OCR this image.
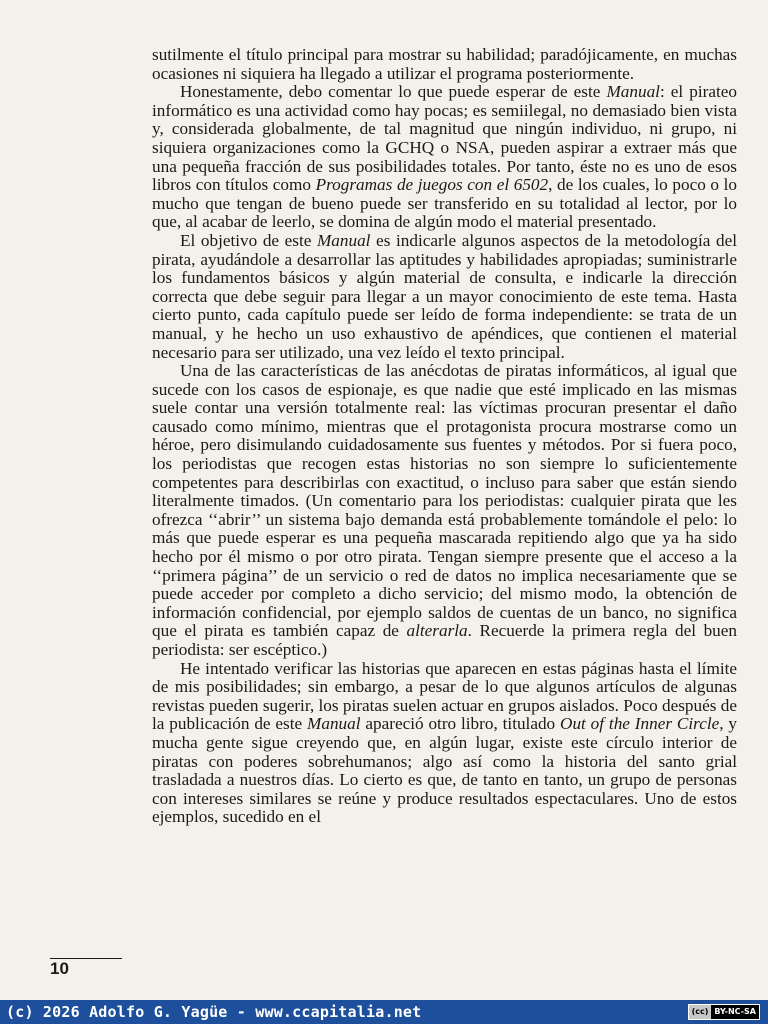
sutilmente el título principal para mostrar su habilidad; paradójicamente, en muchas ocasiones ni siquiera ha llegado a utilizar el programa posteriormente.

Honestamente, debo comentar lo que puede esperar de este Manual: el pirateo informático es una actividad como hay pocas; es semiilegal, no demasiado bien vista y, considerada globalmente, de tal magnitud que ningún individuo, ni grupo, ni siquiera organizaciones como la GCHQ o NSA, pueden aspirar a extraer más que una pequeña fracción de sus posibilidades totales. Por tanto, éste no es uno de esos libros con títulos como Programas de juegos con el 6502, de los cuales, lo poco o lo mucho que tengan de bueno puede ser transferido en su totalidad al lector, por lo que, al acabar de leerlo, se domina de algún modo el material presentado.

El objetivo de este Manual es indicarle algunos aspectos de la metodología del pirata, ayudándole a desarrollar las aptitudes y habilidades apropiadas; suministrarle los fundamentos básicos y algún material de consulta, e indicarle la dirección correcta que debe seguir para llegar a un mayor conocimiento de este tema. Hasta cierto punto, cada capítulo puede ser leído de forma independiente: se trata de un manual, y he hecho un uso exhaustivo de apéndices, que contienen el material necesario para ser utilizado, una vez leído el texto principal.

Una de las características de las anécdotas de piratas informáticos, al igual que sucede con los casos de espionaje, es que nadie que esté implicado en las mismas suele contar una versión totalmente real: las víctimas procuran presentar el daño causado como mínimo, mientras que el protagonista procura mostrarse como un héroe, pero disimulando cuidadosamente sus fuentes y métodos. Por si fuera poco, los periodistas que recogen estas historias no son siempre lo suficientemente competentes para describirlas con exactitud, o incluso para saber que están siendo literalmente timados. (Un comentario para los periodistas: cualquier pirata que les ofrezca ‘‘abrir’’ un sistema bajo demanda está probablemente tomándole el pelo: lo más que puede esperar es una pequeña mascarada repitiendo algo que ya ha sido hecho por él mismo o por otro pirata. Tengan siempre presente que el acceso a la ‘‘primera página’’ de un servicio o red de datos no implica necesariamente que se puede acceder por completo a dicho servicio; del mismo modo, la obtención de información confidencial, por ejemplo saldos de cuentas de un banco, no significa que el pirata es también capaz de alterarla. Recuerde la primera regla del buen periodista: ser escéptico.)

He intentado verificar las historias que aparecen en estas páginas hasta el límite de mis posibilidades; sin embargo, a pesar de lo que algunos artículos de algunas revistas pueden sugerir, los piratas suelen actuar en grupos aislados. Poco después de la publicación de este Manual apareció otro libro, titulado Out of the Inner Circle, y mucha gente sigue creyendo que, en algún lugar, existe este círculo interior de piratas con poderes sobrehumanos; algo así como la historia del santo grial trasladada a nuestros días. Lo cierto es que, de tanto en tanto, un grupo de personas con intereses similares se reúne y produce resultados espectaculares. Uno de estos ejemplos, sucedido en el

10
(c) 2026 Adolfo G. Yagüe - www.ccapitalia.net	(cc) BY-NC-SA
